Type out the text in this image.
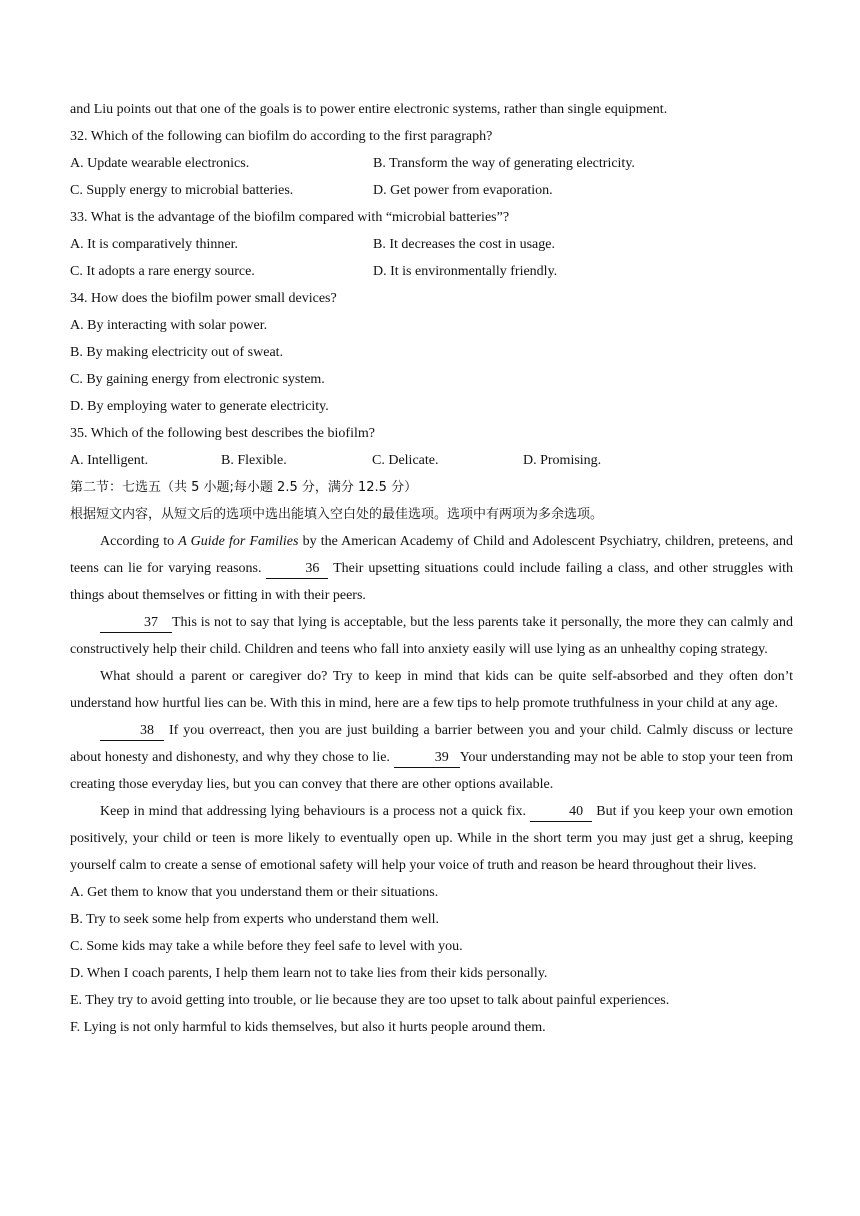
and Liu points out that one of the goals is to power entire electronic systems, rather than single equipment.
32. Which of the following can biofilm do according to the first paragraph?
A. Update wearable electronics.	B. Transform the way of generating electricity.
C. Supply energy to microbial batteries.	D. Get power from evaporation.
33. What is the advantage of the biofilm compared with “microbial batteries”?
A. It is comparatively thinner.	B. It decreases the cost in usage.
C. It adopts a rare energy source.	D. It is environmentally friendly.
34. How does the biofilm power small devices?
A. By interacting with solar power.
B. By making electricity out of sweat.
C. By gaining energy from electronic system.
D. By employing water to generate electricity.
35. Which of the following best describes the biofilm?
A. Intelligent.	B. Flexible.	C. Delicate.	D. Promising.
第二节：七选五（共 5 小题;每小题 2.5 分，满分 12.5 分）
根据短文内容，从短文后的选项中选出能填入空白处的最佳选项。选项中有两项为多余选项。

According to A Guide for Families by the American Academy of Child and Adolescent Psychiatry, children, preteens, and teens can lie for varying reasons.	36 Their upsetting situations could include failing a class, and other struggles with things about themselves or fitting in with their peers.

37 This is not to say that lying is acceptable, but the less parents take it personally, the more they can calmly and constructively help their child. Children and teens who fall into anxiety easily will use lying as an unhealthy coping strategy.

What should a parent or caregiver do? Try to keep in mind that kids can be quite self-absorbed and they often don’t understand how hurtful lies can be. With this in mind, here are a few tips to help promote truthfulness in your child at any age.

38 If you overreact, then you are just building a barrier between you and your child. Calmly discuss or lecture about honesty and dishonesty, and why they chose to lie.	39 Your understanding may not be able to stop your teen from creating those everyday lies, but you can convey that there are other options available.

Keep in mind that addressing lying behaviours is a process not a quick fix.	40 But if you keep your own emotion positively, your child or teen is more likely to eventually open up. While in the short term you may just get a shrug, keeping yourself calm to create a sense of emotional safety will help your voice of truth and reason be heard throughout their lives.

A. Get them to know that you understand them or their situations.
B. Try to seek some help from experts who understand them well.
C. Some kids may take a while before they feel safe to level with you.
D. When I coach parents, I help them learn not to take lies from their kids personally.
E. They try to avoid getting into trouble, or lie because they are too upset to talk about painful experiences.
F. Lying is not only harmful to kids themselves, but also it hurts people around them.
